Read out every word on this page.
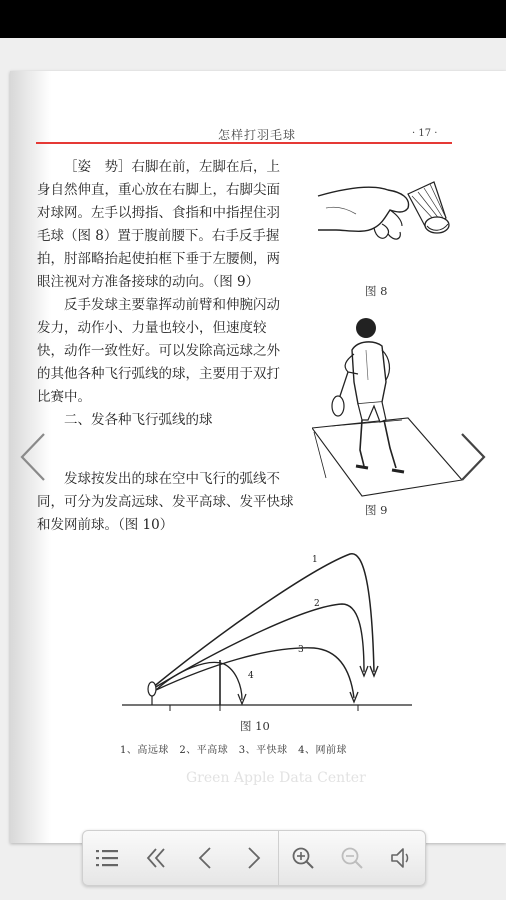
怎样打羽毛球	· 17 ·

［姿　势］右脚在前，左脚在后，上身自然伸直，重心放在右脚上，右脚尖面对球网。左手以拇指、食指和中指捏住羽毛球（图 8）置于腹前腰下。右手反手握拍，肘部略抬起使拍框下垂于左腰侧，两眼注视对方准备接球的动向。（图 9）

反手发球主要靠挥动前臂和伸腕闪动发力，动作小、力量也较小，但速度较快，动作一致性好。可以发除高远球之外的其他各种飞行弧线的球，主要用于双打比赛中。

二、发各种飞行弧线的球

发球按发出的球在空中飞行的弧线不同，可分为发高远球、发平高球、发平快球和发网前球。（图 10）

图 8
图 9
1
2
3
4
图 10
1、高远球　2、平高球　3、平快球　4、网前球
Green Apple Data Center
